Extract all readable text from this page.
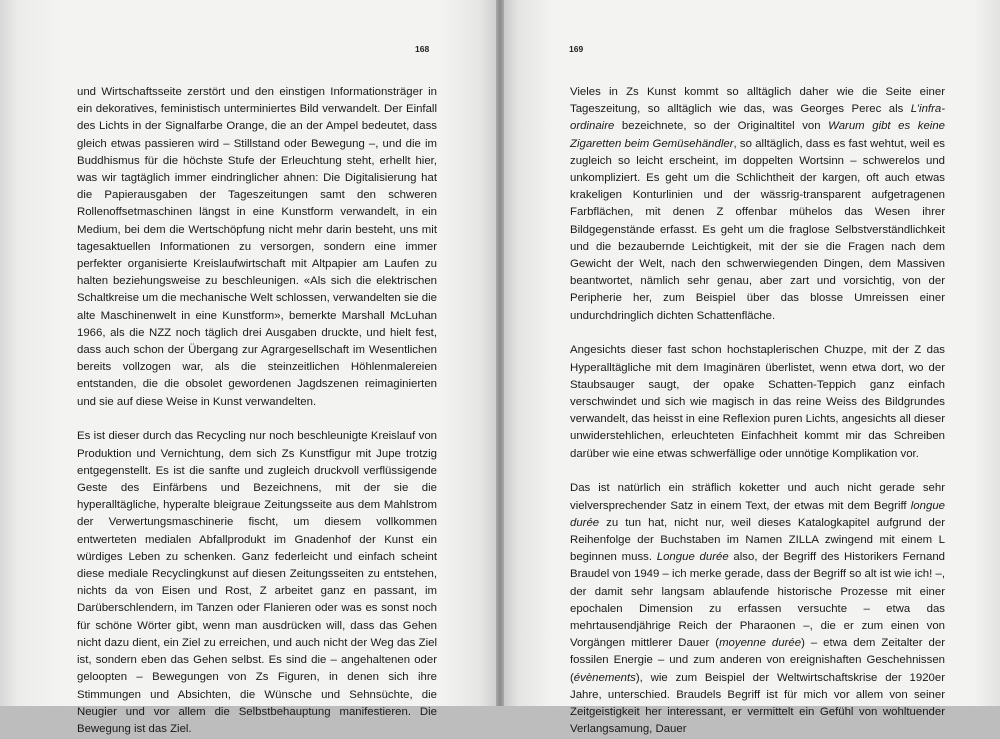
168

und Wirtschaftsseite zerstört und den einstigen Informationsträger in ein dekoratives, feministisch unterminiertes Bild verwandelt. Der Einfall des Lichts in der Signalfarbe Orange, die an der Ampel bedeutet, dass gleich etwas passieren wird – Stillstand oder Bewegung –, und die im Buddhismus für die höchste Stufe der Erleuchtung steht, erhellt hier, was wir tagtäglich immer eindringlicher ahnen: Die Digitalisierung hat die Papierausgaben der Tageszeitungen samt den schweren Rollenoffsetmaschinen längst in eine Kunstform verwandelt, in ein Medium, bei dem die Wertschöpfung nicht mehr darin besteht, uns mit tagesaktuellen Informationen zu versorgen, sondern eine immer perfekter organisierte Kreislaufwirtschaft mit Altpapier am Laufen zu halten beziehungsweise zu beschleunigen. «Als sich die elektrischen Schaltkreise um die mechanische Welt schlossen, verwandelten sie die alte Maschinenwelt in eine Kunstform», bemerkte Marshall McLuhan 1966, als die NZZ noch täglich drei Ausgaben druckte, und hielt fest, dass auch schon der Übergang zur Agrargesellschaft im Wesentlichen bereits vollzogen war, als die steinzeitlichen Höhlenmalereien entstanden, die die obsolet gewordenen Jagdszenen reimaginierten und sie auf diese Weise in Kunst verwandelten.

Es ist dieser durch das Recycling nur noch beschleunigte Kreislauf von Produktion und Vernichtung, dem sich Zs Kunstfigur mit Jupe trotzig entgegenstellt. Es ist die sanfte und zugleich druckvoll verflüssigende Geste des Einfärbens und Bezeichnens, mit der sie die hyperalltägliche, hyperalte bleigraue Zeitungsseite aus dem Mahlstrom der Verwertungsmaschinerie fischt, um diesem vollkommen entwerteten medialen Abfallprodukt im Gnadenhof der Kunst ein würdiges Leben zu schenken. Ganz federleicht und einfach scheint diese mediale Recyclingkunst auf diesen Zeitungsseiten zu entstehen, nichts da von Eisen und Rost, Z arbeitet ganz en passant, im Darüberschlendern, im Tanzen oder Flanieren oder was es sonst noch für schöne Wörter gibt, wenn man ausdrücken will, dass das Gehen nicht dazu dient, ein Ziel zu erreichen, und auch nicht der Weg das Ziel ist, sondern eben das Gehen selbst. Es sind die – angehaltenen oder geloopten – Bewegungen von Zs Figuren, in denen sich ihre Stimmungen und Absichten, die Wünsche und Sehnsüchte, die Neugier und vor allem die Selbstbehauptung manifestieren. Die Bewegung ist das Ziel.

169

Vieles in Zs Kunst kommt so alltäglich daher wie die Seite einer Tageszeitung, so alltäglich wie das, was Georges Perec als L’infra-ordinaire bezeichnete, so der Originaltitel von Warum gibt es keine Zigaretten beim Gemüsehändler, so alltäglich, dass es fast wehtut, weil es zugleich so leicht erscheint, im doppelten Wortsinn – schwerelos und unkompliziert. Es geht um die Schlichtheit der kargen, oft auch etwas krakeligen Konturlinien und der wässrig-transparent aufgetragenen Farbflächen, mit denen Z offenbar mühelos das Wesen ihrer Bildgegenstände erfasst. Es geht um die fraglose Selbstverständlichkeit und die bezaubernde Leichtigkeit, mit der sie die Fragen nach dem Gewicht der Welt, nach den schwerwiegenden Dingen, dem Massiven beantwortet, nämlich sehr genau, aber zart und vorsichtig, von der Peripherie her, zum Beispiel über das blosse Umreissen einer undurchdringlich dichten Schattenfläche.

Angesichts dieser fast schon hochstaplerischen Chuzpe, mit der Z das Hyperalltägliche mit dem Imaginären überlistet, wenn etwa dort, wo der Staubsauger saugt, der opake Schatten-Teppich ganz einfach verschwindet und sich wie magisch in das reine Weiss des Bildgrundes verwandelt, das heisst in eine Reflexion puren Lichts, angesichts all dieser unwiderstehlichen, erleuchteten Einfachheit kommt mir das Schreiben darüber wie eine etwas schwerfällige oder unnötige Komplikation vor.

Das ist natürlich ein sträflich koketter und auch nicht gerade sehr vielversprechender Satz in einem Text, der etwas mit dem Begriff longue durée zu tun hat, nicht nur, weil dieses Katalogkapitel aufgrund der Reihenfolge der Buchstaben im Namen ZILLA zwingend mit einem L beginnen muss. Longue durée also, der Begriff des Historikers Fernand Braudel von 1949 – ich merke gerade, dass der Begriff so alt ist wie ich! –, der damit sehr langsam ablaufende historische Prozesse mit einer epochalen Dimension zu erfassen versuchte – etwa das mehrtausendjährige Reich der Pharaonen –, die er zum einen von Vorgängen mittlerer Dauer (moyenne durée) – etwa dem Zeitalter der fossilen Energie – und zum anderen von ereignishaften Geschehnissen (évènements), wie zum Beispiel der Weltwirtschaftskrise der 1920er Jahre, unterschied. Braudels Begriff ist für mich vor allem von seiner Zeitgeistigkeit her interessant, er vermittelt ein Gefühl von wohltuender Verlangsamung, Dauer
